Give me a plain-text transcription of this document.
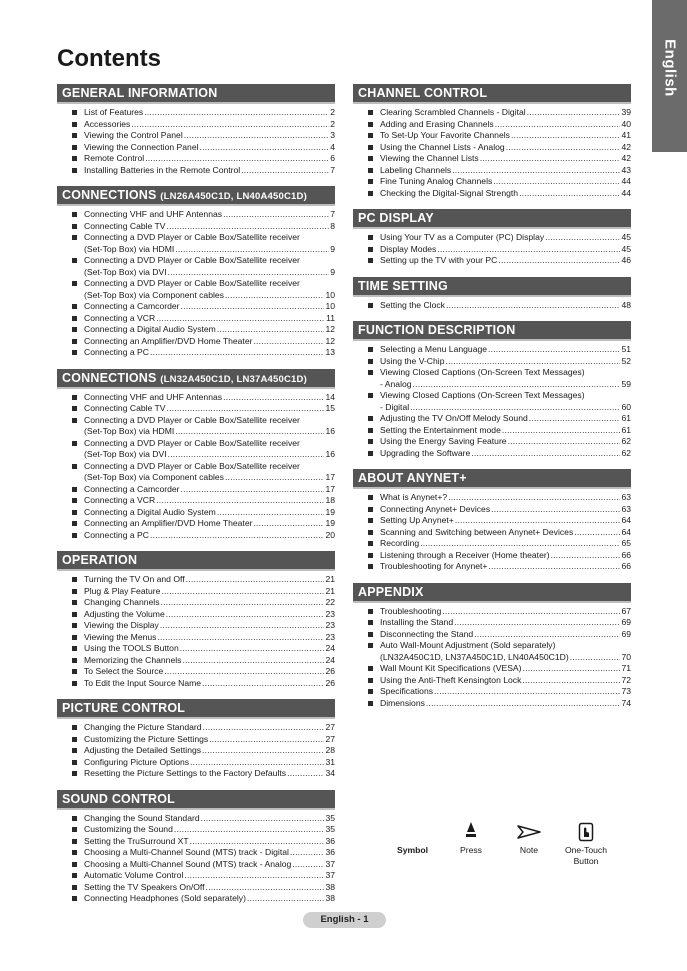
English
Contents
GENERAL INFORMATION
List of Features .....	2
Accessories .....	2
Viewing the Control Panel .....	3
Viewing the Connection Panel .....	4
Remote Control .....	6
Installing Batteries in the Remote Control .....	7
CONNECTIONS (LN26A450C1D, LN40A450C1D)
Connecting VHF and UHF Antennas .....	7
Connecting Cable TV .....	8
Connecting a DVD Player or Cable Box/Satellite receiver
(Set-Top Box) via HDMI .....	9
Connecting a DVD Player or Cable Box/Satellite receiver
(Set-Top Box) via DVI .....	9
Connecting a DVD Player or Cable Box/Satellite receiver
(Set-Top Box) via Component cables .....	10
Connecting a Camcorder .....	10
Connecting a VCR .....	11
Connecting a Digital Audio System .....	12
Connecting an Amplifier/DVD Home Theater .....	12
Connecting a PC .....	13
CONNECTIONS (LN32A450C1D, LN37A450C1D)
Connecting VHF and UHF Antennas .....	14
Connecting Cable TV .....	15
Connecting a DVD Player or Cable Box/Satellite receiver
(Set-Top Box) via HDMI .....	16
Connecting a DVD Player or Cable Box/Satellite receiver
(Set-Top Box) via DVI .....	16
Connecting a DVD Player or Cable Box/Satellite receiver
(Set-Top Box) via Component cables .....	17
Connecting a Camcorder .....	17
Connecting a VCR .....	18
Connecting a Digital Audio System .....	19
Connecting an Amplifier/DVD Home Theater .....	19
Connecting a PC .....	20
OPERATION
Turning the TV On and Off .....	21
Plug & Play Feature .....	21
Changing Channels .....	22
Adjusting the Volume .....	23
Viewing the Display .....	23
Viewing the Menus .....	23
Using the TOOLS Button .....	24
Memorizing the Channels .....	24
To Select the Source .....	26
To Edit the Input Source Name .....	26
PICTURE CONTROL
Changing the Picture Standard .....	27
Customizing the Picture Settings .....	27
Adjusting the Detailed Settings .....	28
Configuring Picture Options .....	31
Resetting the Picture Settings to the Factory Defaults .....	34
SOUND CONTROL
Changing the Sound Standard .....	35
Customizing the Sound .....	35
Setting the TruSurround XT .....	36
Choosing a Multi-Channel Sound (MTS) track - Digital .....	36
Choosing a Multi-Channel Sound (MTS) track - Analog .....	37
Automatic Volume Control .....	37
Setting the TV Speakers On/Off .....	38
Connecting Headphones (Sold separately) .....	38
CHANNEL CONTROL
Clearing Scrambled Channels - Digital .....	39
Adding and Erasing Channels .....	40
To Set-Up Your Favorite Channels .....	41
Using the Channel Lists - Analog .....	42
Viewing the Channel Lists .....	42
Labeling Channels .....	43
Fine Tuning Analog Channels .....	44
Checking the Digital-Signal Strength .....	44
PC DISPLAY
Using Your TV as a Computer (PC) Display .....	45
Display Modes .....	45
Setting up the TV with your PC .....	46
TIME SETTING
Setting the Clock .....	48
FUNCTION DESCRIPTION
Selecting a Menu Language .....	51
Using the V-Chip .....	52
Viewing Closed Captions (On-Screen Text Messages)
- Analog .....	59
Viewing Closed Captions (On-Screen Text Messages)
- Digital .....	60
Adjusting the TV On/Off Melody Sound .....	61
Setting the Entertainment mode .....	61
Using the Energy Saving Feature .....	62
Upgrading the Software .....	62
ABOUT ANYNET+
What is Anynet+? .....	63
Connecting Anynet+ Devices .....	63
Setting Up Anynet+ .....	64
Scanning and Switching between Anynet+ Devices .....	64
Recording .....	65
Listening through a Receiver (Home theater) .....	66
Troubleshooting for Anynet+ .....	66
APPENDIX
Troubleshooting .....	67
Installing the Stand .....	69
Disconnecting the Stand .....	69
Auto Wall-Mount Adjustment (Sold separately)
(LN32A450C1D, LN37A450C1D, LN40A450C1D) .....	70
Wall Mount Kit Specifications (VESA) .....	71
Using the Anti-Theft Kensington Lock .....	72
Specifications .....	73
Dimensions .....	74
Symbol	Press	Note	One-Touch
Button
English - 1
